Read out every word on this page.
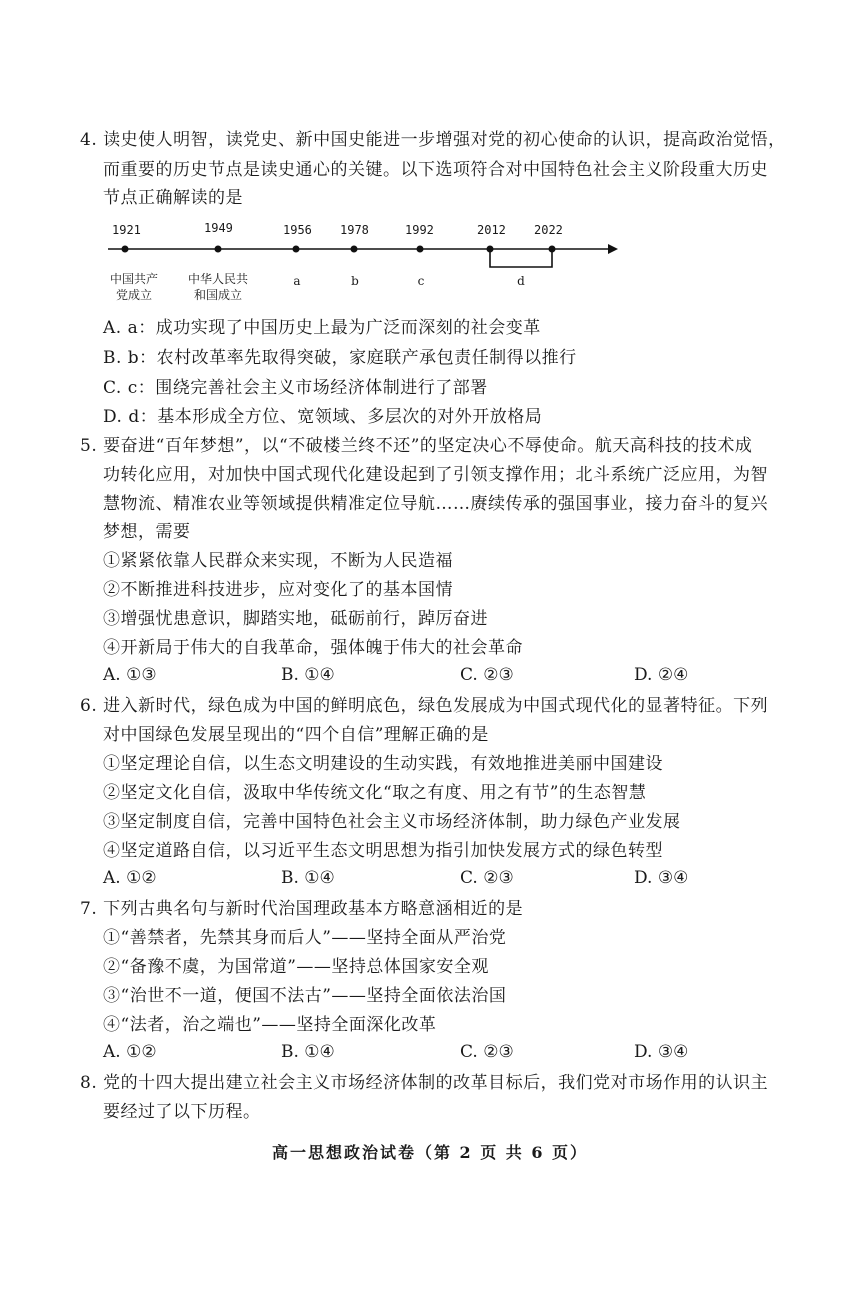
4. 读史使人明智，读党史、新中国史能进一步增强对党的初心使命的认识，提高政治觉悟，
而重要的历史节点是读史通心的关键。以下选项符合对中国特色社会主义阶段重大历史
节点正确解读的是
1921	1949	1956 1978	1992	2012 2022
中国共产
党成立
中华人民共
和国成立
a	b	c	d
A. a：成功实现了中国历史上最为广泛而深刻的社会变革
B. b：农村改革率先取得突破，家庭联产承包责任制得以推行
C. c：围绕完善社会主义市场经济体制进行了部署
D. d：基本形成全方位、宽领域、多层次的对外开放格局
5. 要奋进“百年梦想”，以“不破楼兰终不还”的坚定决心不辱使命。航天高科技的技术成
功转化应用，对加快中国式现代化建设起到了引领支撑作用；北斗系统广泛应用，为智
慧物流、精准农业等领域提供精准定位导航……赓续传承的强国事业，接力奋斗的复兴
梦想，需要
①紧紧依靠人民群众来实现，不断为人民造福
②不断推进科技进步，应对变化了的基本国情
③增强忧患意识，脚踏实地，砥砺前行，踔厉奋进
④开新局于伟大的自我革命，强体魄于伟大的社会革命
A. ①③	B. ①④	C. ②③	D. ②④
6. 进入新时代，绿色成为中国的鲜明底色，绿色发展成为中国式现代化的显著特征。下列
对中国绿色发展呈现出的“四个自信”理解正确的是
①坚定理论自信，以生态文明建设的生动实践，有效地推进美丽中国建设
②坚定文化自信，汲取中华传统文化“取之有度、用之有节”的生态智慧
③坚定制度自信，完善中国特色社会主义市场经济体制，助力绿色产业发展
④坚定道路自信，以习近平生态文明思想为指引加快发展方式的绿色转型
A. ①②	B. ①④	C. ②③	D. ③④
7. 下列古典名句与新时代治国理政基本方略意涵相近的是
①“善禁者，先禁其身而后人”——坚持全面从严治党
②“备豫不虞，为国常道”——坚持总体国家安全观
③“治世不一道，便国不法古”——坚持全面依法治国
④“法者，治之端也”——坚持全面深化改革
A. ①②	B. ①④	C. ②③	D. ③④
8. 党的十四大提出建立社会主义市场经济体制的改革目标后，我们党对市场作用的认识主
要经过了以下历程。
高一思想政治试卷（第 2 页 共 6 页）
